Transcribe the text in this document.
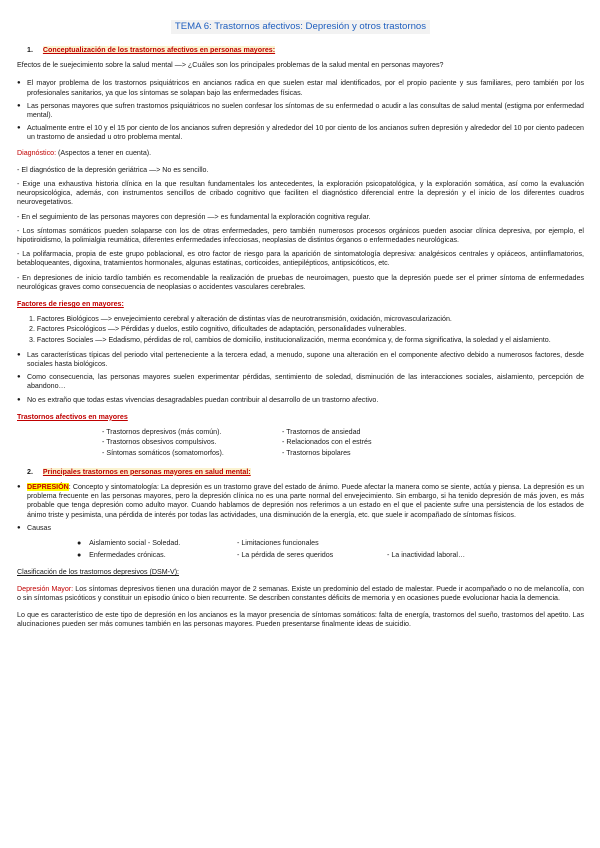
TEMA 6: Trastornos afectivos: Depresión y otros trastornos
1. Conceptualización de los trastornos afectivos en personas mayores:

Efectos de le suejecimiento sobre la salud mental —> ¿Cuáles son los principales problemas de la salud mental en personas mayores?

● El mayor problema de los trastornos psiquiátricos en ancianos radica en que suelen estar mal identificados, por el propio paciente y sus familiares, pero también por los profesionales sanitarios, ya que los síntomas se solapan bajo las enfermedades físicas.
● Las personas mayores que sufren trastornos psiquiátricos no suelen confesar los síntomas de su enfermedad o acudir a las consultas de salud mental (estigma por enfermedad mental).
● Actualmente entre el 10 y el 15 por ciento de los ancianos sufren depresión y alrededor del 10 por ciento de los ancianos sufren depresión y alrededor del 10 por ciento padecen un trastorno de ansiedad u otro problema mental.

Diagnóstico: (Aspectos a tener en cuenta).

- El diagnóstico de la depresión geriátrica —> No es sencillo.

- Exige una exhaustiva historia clínica en la que resultan fundamentales los antecedentes, la exploración psicopatológica, y la exploración somática, así como la evaluación neuropsicológica, además, con instrumentos sencillos de cribado cognitivo que faciliten el diagnóstico diferencial entre la depresión y el inicio de los diferentes cuadros neurovegetativos.

- En el seguimiento de las personas mayores con depresión —> es fundamental la exploración cognitiva regular.

- Los síntomas somáticos pueden solaparse con los de otras enfermedades, pero también numerosos procesos orgánicos pueden asociar clínica depresiva, por ejemplo, el hipotiroidismo, la polimialgia reumática, diferentes enfermedades infecciosas, neoplasias de distintos órganos o enfermedades neurológicas.

- La polifarmacia, propia de este grupo poblacional, es otro factor de riesgo para la aparición de sintomatología depresiva: analgésicos centrales y opiáceos, antiinflamatorios, betabloqueantes, digoxina, tratamientos hormonales, algunas estatinas, corticoides, antiepilépticos, antipsicóticos, etc.

- En depresiones de inicio tardío también es recomendable la realización de pruebas de neuroimagen, puesto que la depresión puede ser el primer síntoma de enfermedades neurológicas graves como consecuencia de neoplasias o accidentes vasculares cerebrales.

Factores de riesgo en mayores:

1. Factores Biológicos —> envejecimiento cerebral y alteración de distintas vías de neurotransmisión, oxidación, microvascularización.
2. Factores Psicológicos —> Pérdidas y duelos, estilo cognitivo, dificultades de adaptación, personalidades vulnerables.
3. Factores Sociales —> Edadismo, pérdidas de rol, cambios de domicilio, institucionalización, merma económica y, de forma significativa, la soledad y el aislamiento.
● Las características típicas del periodo vital perteneciente a la tercera edad, a menudo, supone una alteración en el componente afectivo debido a numerosos factores, desde sociales hasta biológicos.
● Como consecuencia, las personas mayores suelen experimentar pérdidas, sentimiento de soledad, disminución de las interacciones sociales, aislamiento, percepción de abandono…
● No es extraño que todas estas vivencias desagradables puedan contribuir al desarrollo de un trastorno afectivo.

Trastornos afectivos en mayores

- Trastornos depresivos (más común).	- Trastornos de ansiedad
- Trastornos obsesivos compulsivos.	- Relacionados con el estrés
- Síntomas somáticos (somatomorfos).	- Trastornos bipolares
2. Principales trastornos en personas mayores en salud mental:
● DEPRESIÓN: Concepto y sintomatología: La depresión es un trastorno grave del estado de ánimo. Puede afectar la manera como se siente, actúa y piensa. La depresión es un problema frecuente en las personas mayores, pero la depresión clínica no es una parte normal del envejecimiento. Sin embargo, si ha tenido depresión de más joven, es más probable que tenga depresión como adulto mayor. Cuando hablamos de depresión nos referimos a un estado en el que el paciente sufre una persistencia de los estados de ánimo triste y pesimista, una pérdida de interés por todas las actividades, una disminución de la energía, etc. que suele ir acompañado de síntomas físicos.
● Causas
●    Aislamiento social - Soledad.	- Limitaciones funcionales
●    Enfermedades crónicas.	- La pérdida de seres queridos	- La inactividad laboral…

Clasificación de los trastornos depresivos (DSM-V):

Depresión Mayor: Los síntomas depresivos tienen una duración mayor de 2 semanas. Existe un predominio del estado de malestar. Puede ir acompañado o no de melancolía, con o sin síntomas psicóticos y constituir un episodio único o bien recurrente. Se describen constantes déficits de memoria y en ocasiones puede evolucionar hacia la demencia.

Lo que es característico de este tipo de depresión en los ancianos es la mayor presencia de síntomas somáticos: falta de energía, trastornos del sueño, trastornos del apetito. Las alucinaciones pueden ser más comunes también en las personas mayores. Pueden presentarse finalmente ideas de suicidio.
